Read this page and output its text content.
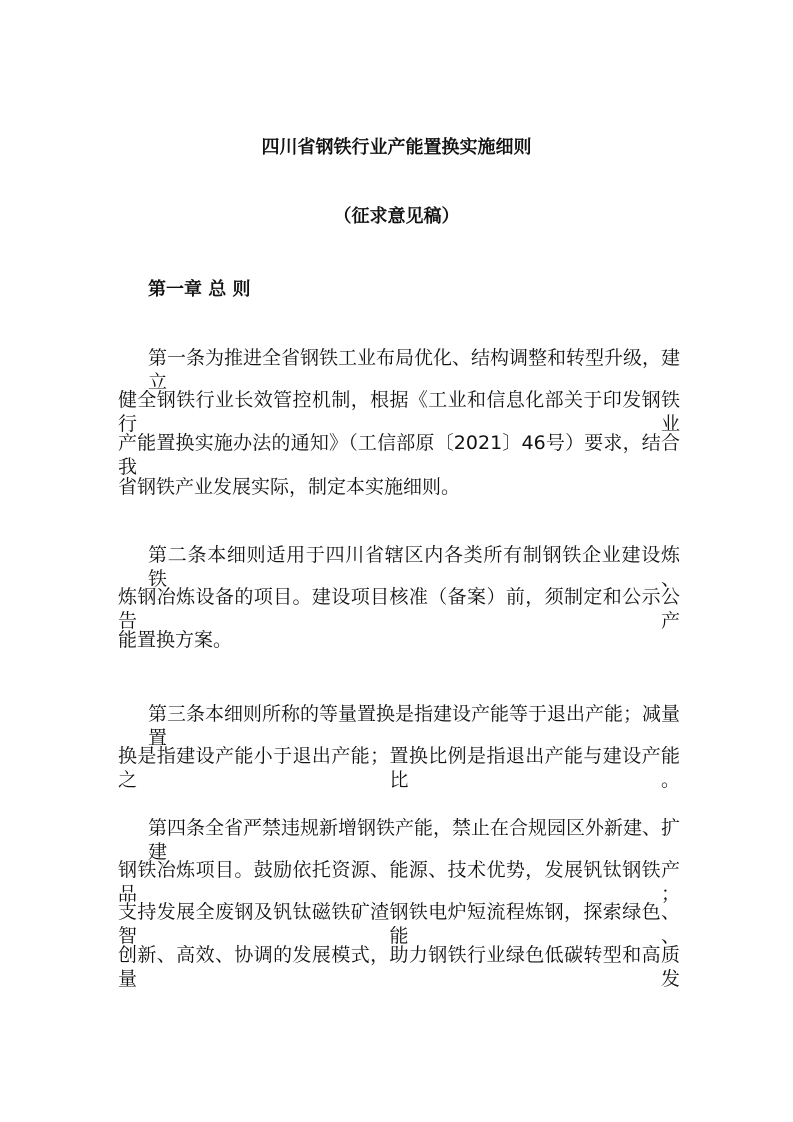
四川省钢铁行业产能置换实施细则
（征求意见稿）
第一章 总 则
第一条为推进全省钢铁工业布局优化、结构调整和转型升级，建立
健全钢铁行业长效管控机制，根据《工业和信息化部关于印发钢铁行业
产能置换实施办法的通知》（工信部原〔2021〕46号）要求，结合我
省钢铁产业发展实际，制定本实施细则。
第二条本细则适用于四川省辖区内各类所有制钢铁企业建设炼铁、
炼钢冶炼设备的项目。建设项目核准（备案）前，须制定和公示公告产
能置换方案。
第三条本细则所称的等量置换是指建设产能等于退出产能；减量置
换是指建设产能小于退出产能；置换比例是指退出产能与建设产能之比。
第四条全省严禁违规新增钢铁产能，禁止在合规园区外新建、扩建
钢铁冶炼项目。鼓励依托资源、能源、技术优势，发展钒钛钢铁产品；
支持发展全废钢及钒钛磁铁矿渣钢铁电炉短流程炼钢，探索绿色、智能、
创新、高效、协调的发展模式，助力钢铁行业绿色低碳转型和高质量发
